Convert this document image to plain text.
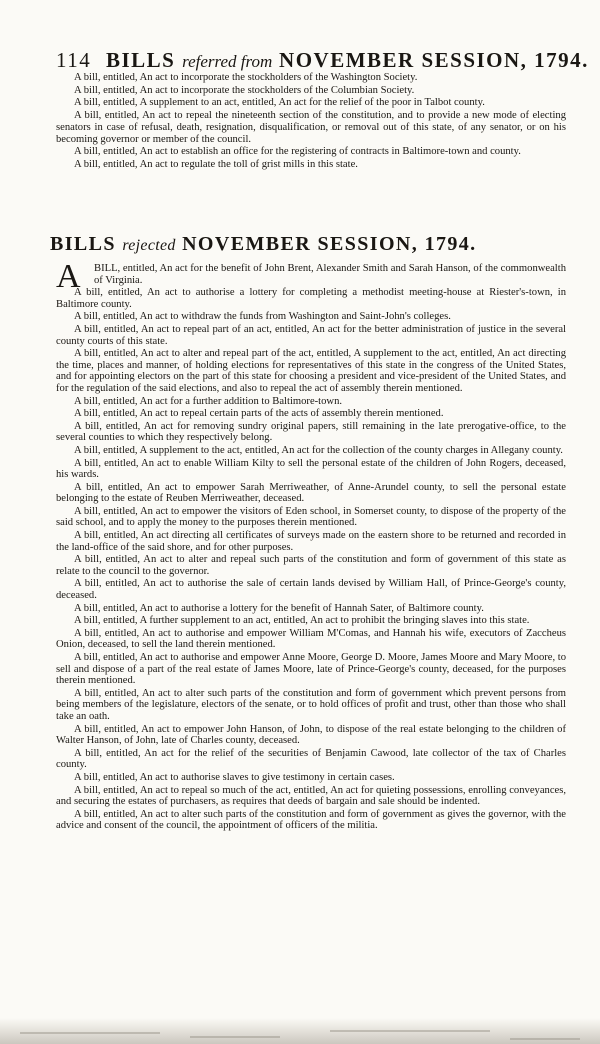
114 BILLS referred from NOVEMBER SESSION, 1794.

A bill, entitled, An act to incorporate the stockholders of the Washington Society.

A bill, entitled, An act to incorporate the stockholders of the Columbian Society.

A bill, entitled, A supplement to an act, entitled, An act for the relief of the poor in Talbot county.

A bill, entitled, An act to repeal the nineteenth section of the constitution, and to provide a new mode of electing senators in case of refusal, death, resignation, disqualification, or removal out of this state, of any senator, or on his becoming governor or member of the council.

A bill, entitled, An act to establish an office for the registering of contracts in Baltimore-town and county.

A bill, entitled, An act to regulate the toll of grist mills in this state.

BILLS rejected NOVEMBER SESSION, 1794.

A BILL, entitled, An act for the benefit of John Brent, Alexander Smith and Sarah Hanson, of the commonwealth of Virginia.

A bill, entitled, An act to authorise a lottery for completing a methodist meeting-house at Riester's-town, in Baltimore county.

A bill, entitled, An act to withdraw the funds from Washington and Saint-John's colleges.

A bill, entitled, An act to repeal part of an act, entitled, An act for the better administration of justice in the several county courts of this state.

A bill, entitled, An act to alter and repeal part of the act, entitled, A supplement to the act, entitled, An act directing the time, places and manner, of holding elections for representatives of this state in the congress of the United States, and for appointing electors on the part of this state for choosing a president and vice-president of the United States, and for the regulation of the said elections, and also to repeal the act of assembly therein mentioned.

A bill, entitled, An act for a further addition to Baltimore-town.

A bill, entitled, An act to repeal certain parts of the acts of assembly therein mentioned.

A bill, entitled, An act for removing sundry original papers, still remaining in the late prerogative-office, to the several counties to which they respectively belong.

A bill, entitled, A supplement to the act, entitled, An act for the collection of the county charges in Allegany county.

A bill, entitled, An act to enable William Kilty to sell the personal estate of the children of John Rogers, deceased, his wards.

A bill, entitled, An act to empower Sarah Merriweather, of Anne-Arundel county, to sell the personal estate belonging to the estate of Reuben Merriweather, deceased.

A bill, entitled, An act to empower the visitors of Eden school, in Somerset county, to dispose of the property of the said school, and to apply the money to the purposes therein mentioned.

A bill, entitled, An act directing all certificates of surveys made on the eastern shore to be returned and recorded in the land-office of the said shore, and for other purposes.

A bill, entitled, An act to alter and repeal such parts of the constitution and form of government of this state as relate to the council to the governor.

A bill, entitled, An act to authorise the sale of certain lands devised by William Hall, of Prince-George's county, deceased.

A bill, entitled, An act to authorise a lottery for the benefit of Hannah Sater, of Baltimore county.

A bill, entitled, A further supplement to an act, entitled, An act to prohibit the bringing slaves into this state.

A bill, entitled, An act to authorise and empower William M'Comas, and Hannah his wife, executors of Zaccheus Onion, deceased, to sell the land therein mentioned.

A bill, entitled, An act to authorise and empower Anne Moore, George D. Moore, James Moore and Mary Moore, to sell and dispose of a part of the real estate of James Moore, late of Prince-George's county, deceased, for the purposes therein mentioned.

A bill, entitled, An act to alter such parts of the constitution and form of government which prevent persons from being members of the legislature, electors of the senate, or to hold offices of profit and trust, other than those who shall take an oath.

A bill, entitled, An act to empower John Hanson, of John, to dispose of the real estate belonging to the children of Walter Hanson, of John, late of Charles county, deceased.

A bill, entitled, An act for the relief of the securities of Benjamin Cawood, late collector of the tax of Charles county.

A bill, entitled, An act to authorise slaves to give testimony in certain cases.

A bill, entitled, An act to repeal so much of the act, entitled, An act for quieting possessions, enrolling conveyances, and securing the estates of purchasers, as requires that deeds of bargain and sale should be indented.

A bill, entitled, An act to alter such parts of the constitution and form of government as gives the governor, with the advice and consent of the council, the appointment of officers of the militia.
